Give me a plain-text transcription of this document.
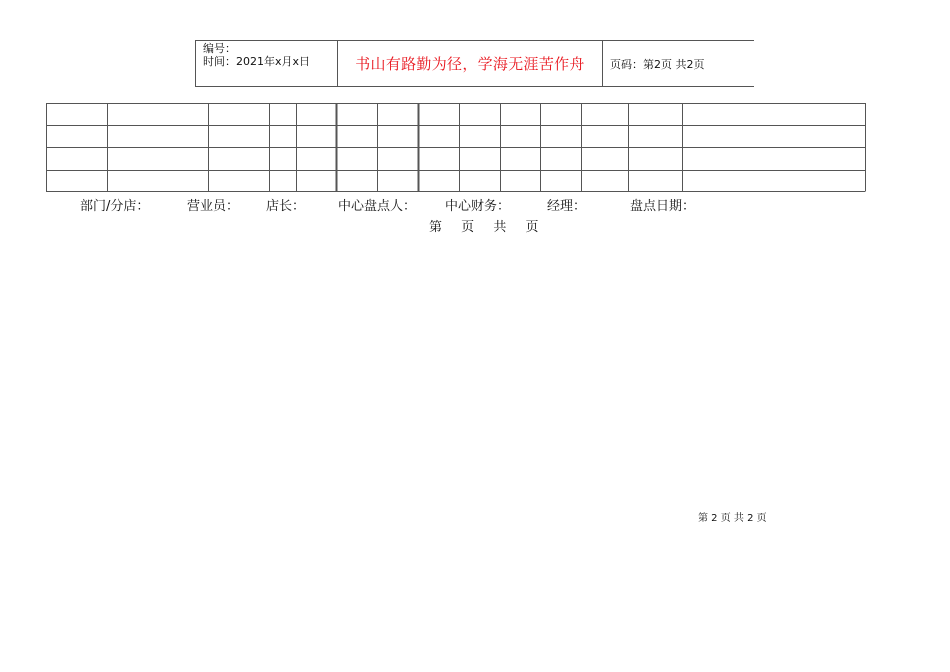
编号：
时间：2021年x月x日	书山有路勤为径，学海无涯苦作舟 页码：第2页 共2页
部门/分店：	营业员： 店长：	中心盘点人： 中心财务：	经理：	盘点日期：
第 页 共 页
第 2 页 共 2 页
